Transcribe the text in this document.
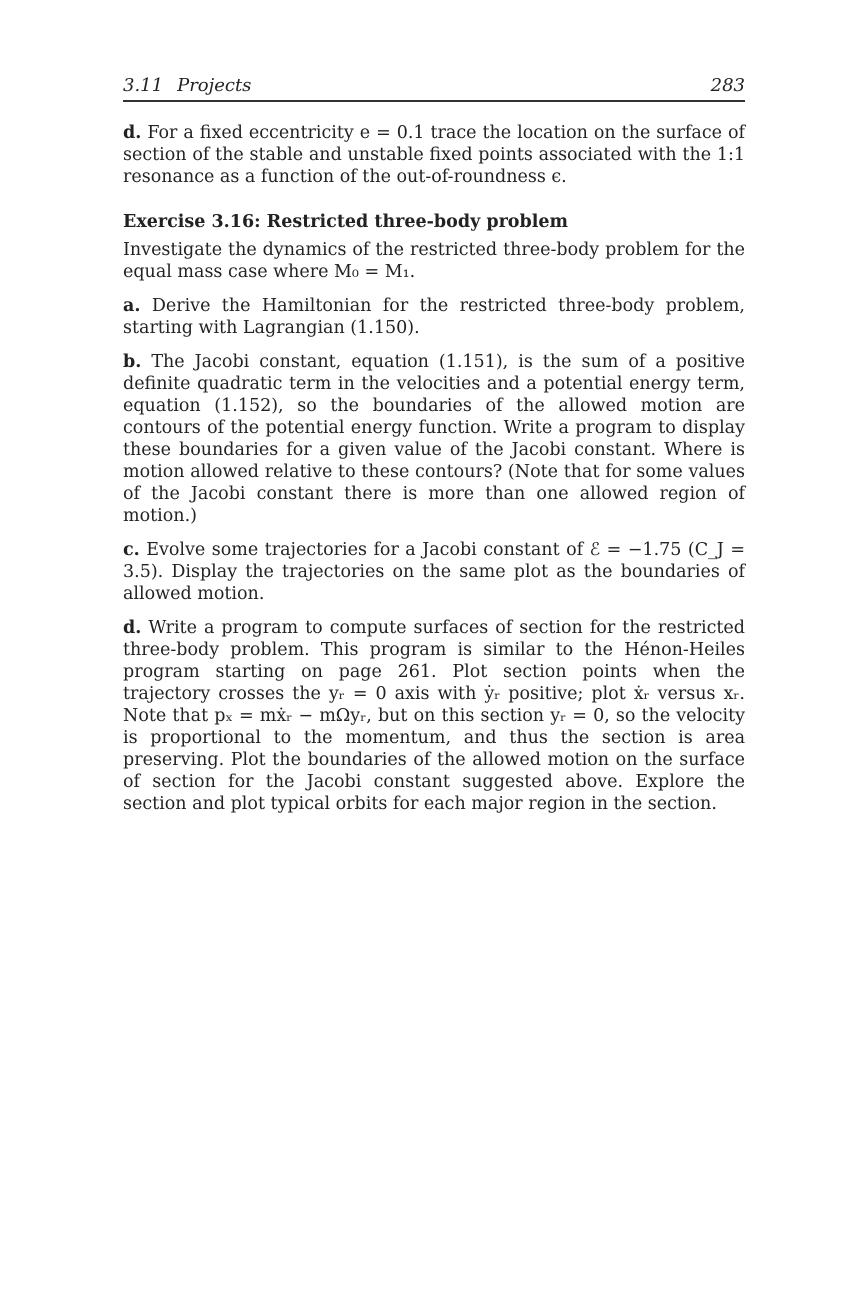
3.11 Projects	283

d. For a fixed eccentricity e = 0.1 trace the location on the surface of section of the stable and unstable fixed points associated with the 1:1 resonance as a function of the out-of-roundness ϵ.

Exercise 3.16: Restricted three-body problem

Investigate the dynamics of the restricted three-body problem for the equal mass case where M₀ = M₁.

a. Derive the Hamiltonian for the restricted three-body problem, starting with Lagrangian (1.150).

b. The Jacobi constant, equation (1.151), is the sum of a positive definite quadratic term in the velocities and a potential energy term, equation (1.152), so the boundaries of the allowed motion are contours of the potential energy function. Write a program to display these boundaries for a given value of the Jacobi constant. Where is motion allowed relative to these contours? (Note that for some values of the Jacobi constant there is more than one allowed region of motion.)

c. Evolve some trajectories for a Jacobi constant of ℰ = −1.75 (C_J = 3.5). Display the trajectories on the same plot as the boundaries of allowed motion.

d. Write a program to compute surfaces of section for the restricted three-body problem. This program is similar to the Hénon-Heiles program starting on page 261. Plot section points when the trajectory crosses the yᵣ = 0 axis with ẏᵣ positive; plot ẋᵣ versus xᵣ. Note that pₓ = mẋᵣ − mΩyᵣ, but on this section yᵣ = 0, so the velocity is proportional to the momentum, and thus the section is area preserving. Plot the boundaries of the allowed motion on the surface of section for the Jacobi constant suggested above. Explore the section and plot typical orbits for each major region in the section.
